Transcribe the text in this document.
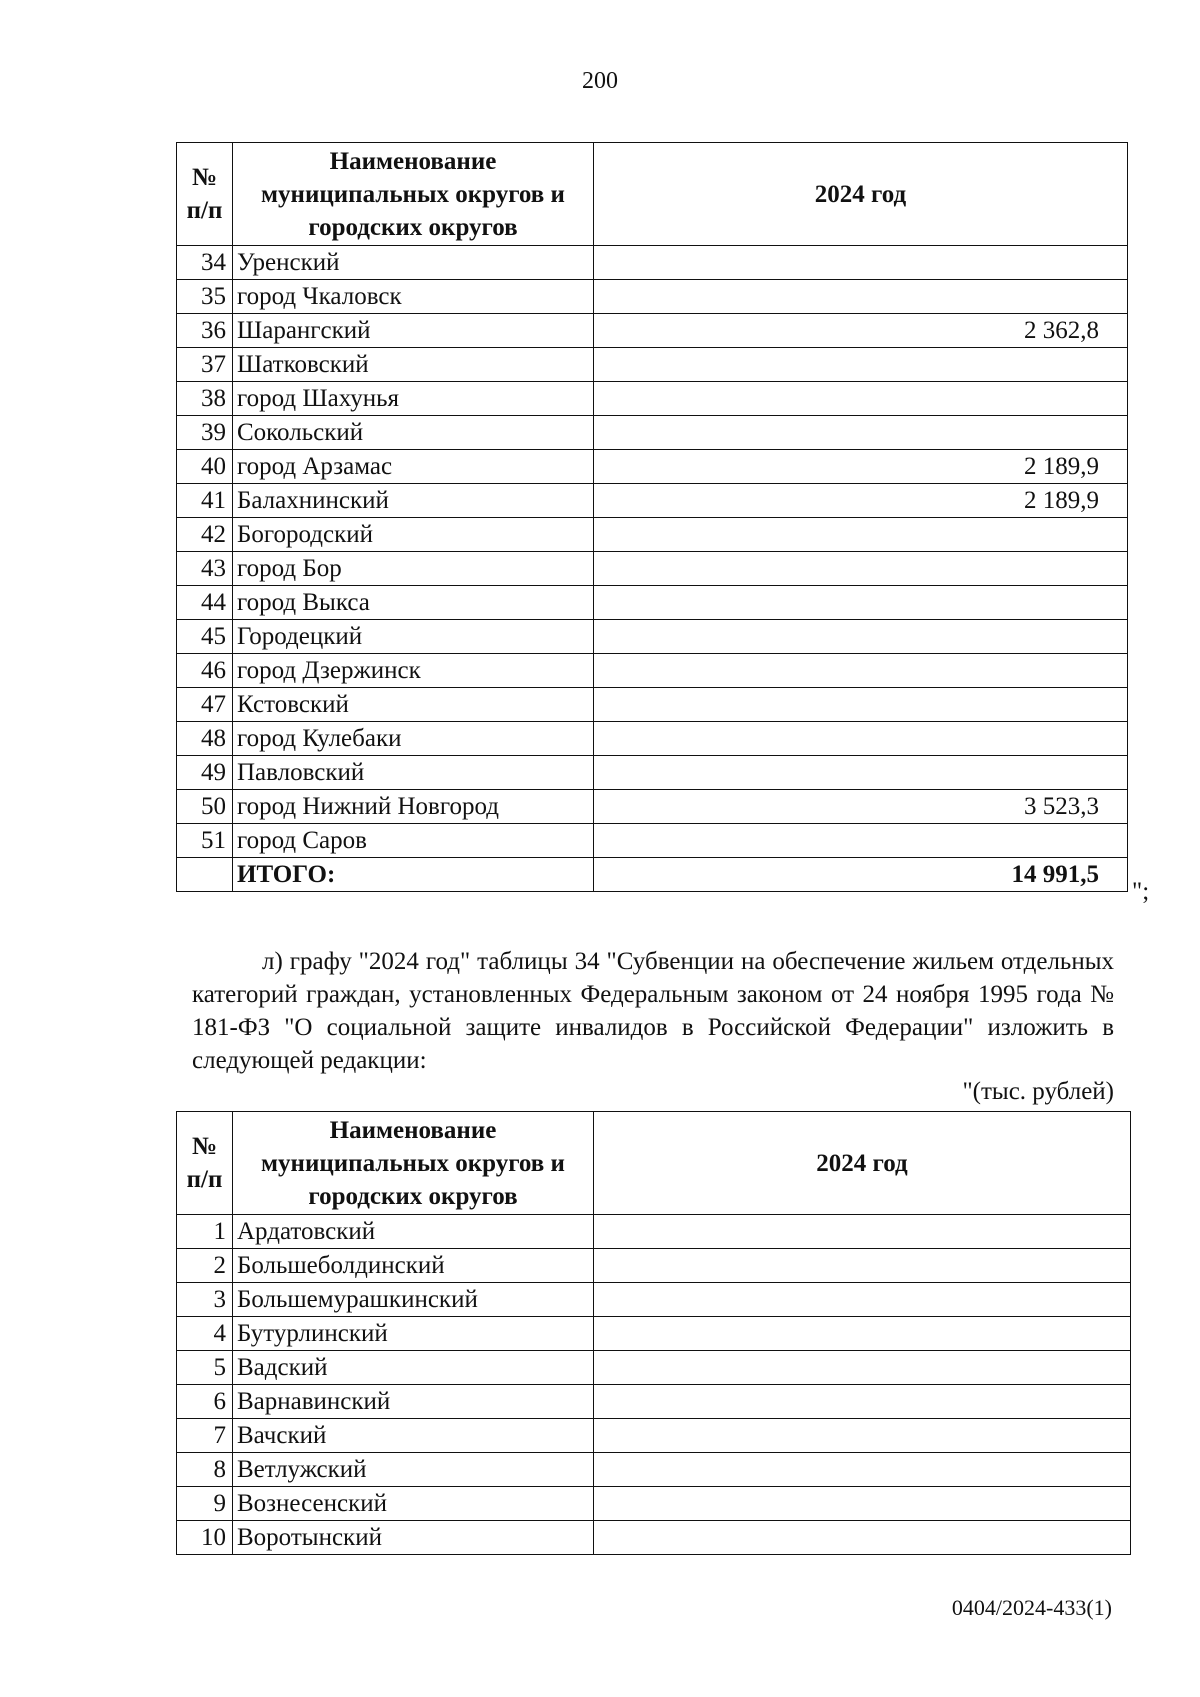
200
№ п/п	Наименование муниципальных округов и городских округов	2024 год
34	Уренский	
35	город Чкаловск	
36	Шарангский	2 362,8
37	Шатковский	
38	город Шахунья	
39	Сокольский	
40	город Арзамас	2 189,9
41	Балахнинский	2 189,9
42	Богородский	
43	город Бор	
44	город Выкса	
45	Городецкий	
46	город Дзержинск	
47	Кстовский	
48	город Кулебаки	
49	Павловский	
50	город Нижний Новгород	3 523,3
51	город Саров	
	ИТОГО:	14 991,5
";
л) графу "2024 год" таблицы 34 "Субвенции на обеспечение жильем отдельных категорий граждан, установленных Федеральным законом от 24 ноября 1995 года № 181-ФЗ "О социальной защите инвалидов в Российской Федерации" изложить в следующей редакции:
"(тыс. рублей)
№ п/п	Наименование муниципальных округов и городских округов	2024 год
1	Ардатовский	
2	Большеболдинский	
3	Большемурашкинский	
4	Бутурлинский	
5	Вадский	
6	Варнавинский	
7	Вачский	
8	Ветлужский	
9	Вознесенский	
10	Воротынский	
0404/2024-433(1)
